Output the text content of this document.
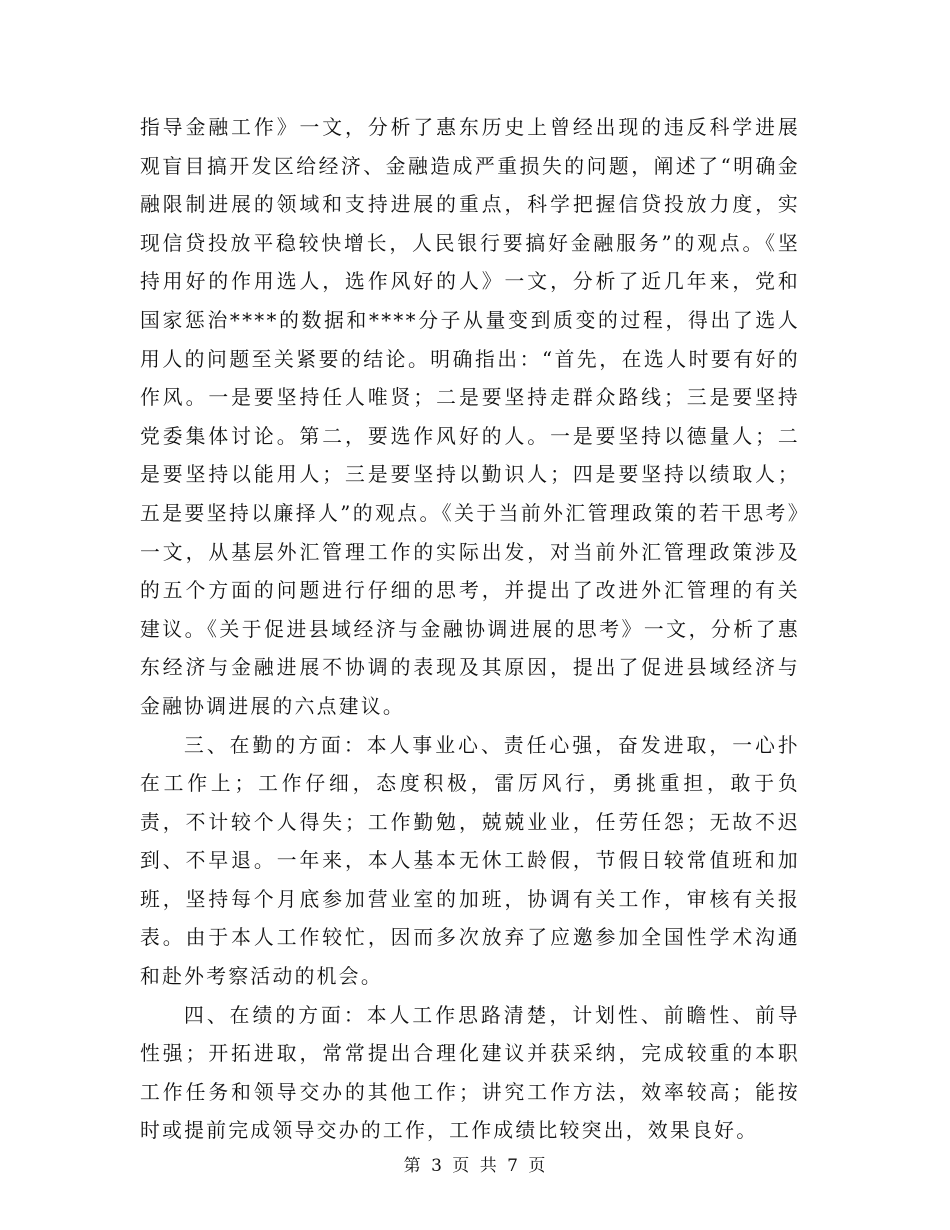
指导金融工作》一文，分析了惠东历史上曾经出现的违反科学进展观盲目搞开发区给经济、金融造成严重损失的问题，阐述了“明确金融限制进展的领域和支持进展的重点，科学把握信贷投放力度，实现信贷投放平稳较快增长，人民银行要搞好金融服务”的观点。《坚持用好的作用选人，选作风好的人》一文，分析了近几年来，党和国家惩治****的数据和****分子从量变到质变的过程，得出了选人用人的问题至关紧要的结论。明确指出：“首先，在选人时要有好的作风。一是要坚持任人唯贤；二是要坚持走群众路线；三是要坚持党委集体讨论。第二，要选作风好的人。一是要坚持以德量人；二是要坚持以能用人；三是要坚持以勤识人；四是要坚持以绩取人；五是要坚持以廉择人”的观点。《关于当前外汇管理政策的若干思考》一文，从基层外汇管理工作的实际出发，对当前外汇管理政策涉及的五个方面的问题进行仔细的思考，并提出了改进外汇管理的有关建议。《关于促进县域经济与金融协调进展的思考》一文，分析了惠东经济与金融进展不协调的表现及其原因，提出了促进县域经济与金融协调进展的六点建议。

三、在勤的方面：本人事业心、责任心强，奋发进取，一心扑在工作上；工作仔细，态度积极，雷厉风行，勇挑重担，敢于负责，不计较个人得失；工作勤勉，兢兢业业，任劳任怨；无故不迟到、不早退。一年来，本人基本无休工龄假，节假日较常值班和加班，坚持每个月底参加营业室的加班，协调有关工作，审核有关报表。由于本人工作较忙，因而多次放弃了应邀参加全国性学术沟通和赴外考察活动的机会。

四、在绩的方面：本人工作思路清楚，计划性、前瞻性、前导性强；开拓进取，常常提出合理化建议并获采纳，完成较重的本职工作任务和领导交办的其他工作；讲究工作方法，效率较高；能按时或提前完成领导交办的工作，工作成绩比较突出，效果良好。

第 3 页 共 7 页
